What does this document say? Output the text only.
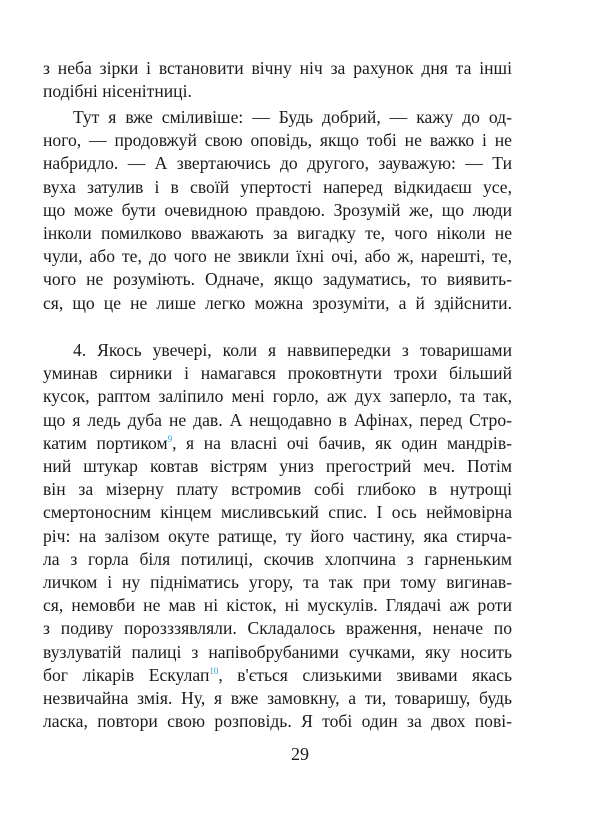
з неба зірки і встановити вічну ніч за рахунок дня та інші
подібні нісенітниці.
Тут я вже сміливіше: — Будь добрий, — кажу до од-
ного, — продовжуй свою оповідь, якщо тобі не важко і не
набридло. — А звертаючись до другого, зауважую: — Ти
вуха затулив і в своїй упертості наперед відкидаєш усе,
що може бути очевидною правдою. Зрозумій же, що люди
інколи помилково вважають за вигадку те, чого ніколи не
чули, або те, до чого не звикли їхні очі, або ж, нарешті, те,
чого не розуміють. Одначе, якщо задуматись, то виявить-
ся, що це не лише легко можна зрозуміти, а й здійснити.
4. Якось увечері, коли я наввипередки з товаришами
уминав сирники і намагався проковтнути трохи більший
кусок, раптом заліпило мені горло, аж дух заперло, та так,
що я ледь дуба не дав. А нещодавно в Афінах, перед Стро-
катим портиком$^9$, я на власні очі бачив, як один мандрів-
ний штукар ковтав вістрям униз прегострий меч. Потім
він за мізерну плату встромив собі глибоко в нутрощі
смертоносним кінцем мисливський спис. І ось неймовірна
річ: на залізом окуте ратище, ту його частину, яка стирча-
ла з горла біля потилиці, скочив хлопчина з гарненьким
личком і ну підніматись угору, та так при тому вигинав-
ся, немовби не мав ні кісток, ні мускулів. Глядачі аж роти
з подиву порозззявляли. Складалось враження, неначе по
вузлуватій палиці з напівобрубаними сучками, яку носить
бог лікарів Ескулап$^{10}$, в'ється слизькими звивами якась
незвичайна змія. Ну, я вже замовкну, а ти, товаришу, будь
ласка, повтори свою розповідь. Я тобі один за двох пові-
29
